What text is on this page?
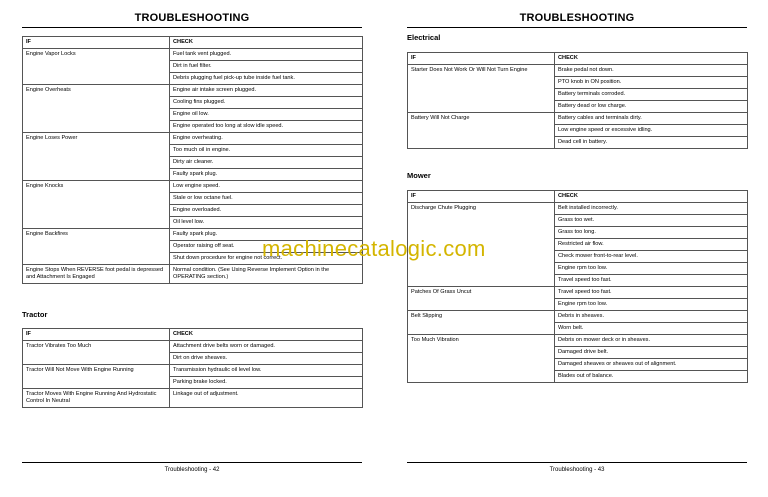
TROUBLESHOOTING
IF	CHECK
Engine Vapor Locks	Fuel tank vent plugged.
	Dirt in fuel filter.
	Debris plugging fuel pick-up tube inside fuel tank.
Engine Overheats	Engine air intake screen plugged.
	Cooling fins plugged.
	Engine oil low.
	Engine operated too long at slow idle speed.
Engine Loses Power	Engine overheating.
	Too much oil in engine.
	Dirty air cleaner.
	Faulty spark plug.
Engine Knocks	Low engine speed.
	Stale or low octane fuel.
	Engine overloaded.
	Oil level low.
Engine Backfires	Faulty spark plug.
	Operator raising off seat.
	Shut down procedure for engine not correct.
Engine Stops When REVERSE foot pedal is depressed and Attachment Is Engaged	Normal condition. (See Using Reverse Implement Option in the OPERATING section.)
Tractor
IF	CHECK
Tractor Vibrates Too Much	Attachment drive belts worn or damaged.
	Dirt on drive sheaves.
Tractor Will Not Move With Engine Running	Transmission hydraulic oil level low.
	Parking brake locked.
Tractor Moves With Engine Running And Hydrostatic Control In Neutral	Linkage out of adjustment.
Troubleshooting - 42
TROUBLESHOOTING
Electrical
IF	CHECK
Starter Does Not Work Or Will Not Turn Engine	Brake pedal not down.
	PTO knob in ON position.
	Battery terminals corroded.
	Battery dead or low charge.
Battery Will Not Charge	Battery cables and terminals dirty.
	Low engine speed or excessive idling.
	Dead cell in battery.
Mower
IF	CHECK
Discharge Chute Plugging	Belt installed incorrectly.
	Grass too wet.
	Grass too long.
	Restricted air flow.
	Check mower front-to-rear level.
	Engine rpm too low.
	Travel speed too fast.
Patches Of Grass Uncut	Travel speed too fast.
	Engine rpm too low.
Belt Slipping	Debris in sheaves.
	Worn belt.
Too Much Vibration	Debris on mower deck or in sheaves.
	Damaged drive belt.
	Damaged sheaves or sheaves out of alignment.
	Blades out of balance.
Troubleshooting - 43
machinecatalogic.com
